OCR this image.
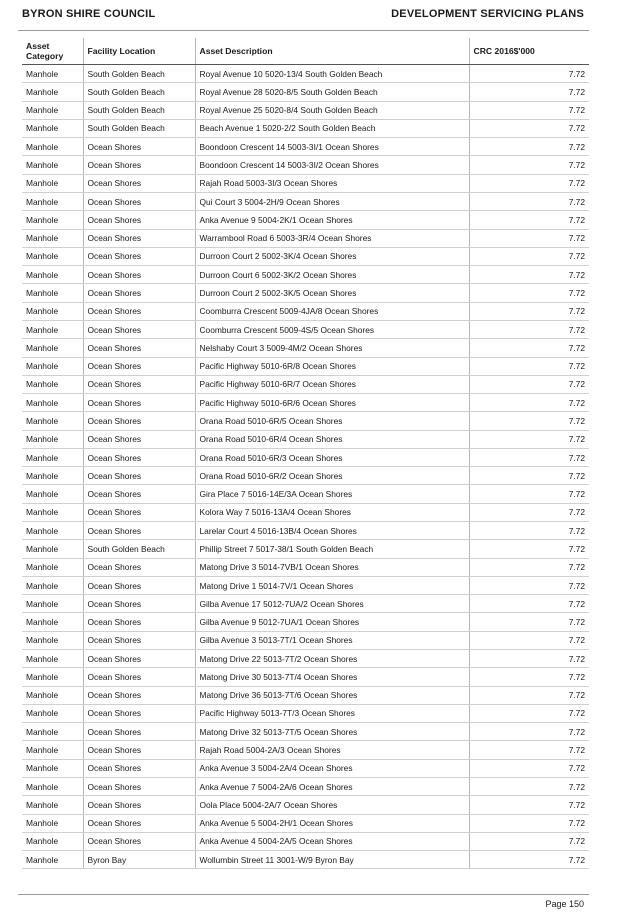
BYRON SHIRE COUNCIL	DEVELOPMENT SERVICING PLANS
Asset Category	Facility Location	Asset Description	CRC 2016$'000
Manhole	South Golden Beach	Royal Avenue 10 5020-13/4 South Golden Beach	7.72
Manhole	South Golden Beach	Royal Avenue 28 5020-8/5 South Golden Beach	7.72
Manhole	South Golden Beach	Royal Avenue 25 5020-8/4 South Golden Beach	7.72
Manhole	South Golden Beach	Beach Avenue 1 5020-2/2 South Golden Beach	7.72
Manhole	Ocean Shores	Boondoon Crescent 14 5003-3I/1 Ocean Shores	7.72
Manhole	Ocean Shores	Boondoon Crescent 14 5003-3I/2 Ocean Shores	7.72
Manhole	Ocean Shores	Rajah Road 5003-3I/3 Ocean Shores	7.72
Manhole	Ocean Shores	Qui Court 3 5004-2H/9 Ocean Shores	7.72
Manhole	Ocean Shores	Anka Avenue 9 5004-2K/1 Ocean Shores	7.72
Manhole	Ocean Shores	Warrambool Road 6 5003-3R/4 Ocean Shores	7.72
Manhole	Ocean Shores	Durroon Court 2 5002-3K/4 Ocean Shores	7.72
Manhole	Ocean Shores	Durroon Court 6 5002-3K/2 Ocean Shores	7.72
Manhole	Ocean Shores	Durroon Court 2 5002-3K/5 Ocean Shores	7.72
Manhole	Ocean Shores	Coomburra Crescent 5009-4JA/8 Ocean Shores	7.72
Manhole	Ocean Shores	Coomburra Crescent 5009-4S/5 Ocean Shores	7.72
Manhole	Ocean Shores	Nelshaby Court 3 5009-4M/2 Ocean Shores	7.72
Manhole	Ocean Shores	Pacific Highway 5010-6R/8 Ocean Shores	7.72
Manhole	Ocean Shores	Pacific Highway 5010-6R/7 Ocean Shores	7.72
Manhole	Ocean Shores	Pacific Highway 5010-6R/6 Ocean Shores	7.72
Manhole	Ocean Shores	Orana Road 5010-6R/5 Ocean Shores	7.72
Manhole	Ocean Shores	Orana Road 5010-6R/4 Ocean Shores	7.72
Manhole	Ocean Shores	Orana Road 5010-6R/3 Ocean Shores	7.72
Manhole	Ocean Shores	Orana Road 5010-6R/2 Ocean Shores	7.72
Manhole	Ocean Shores	Gira Place 7 5016-14E/3A Ocean Shores	7.72
Manhole	Ocean Shores	Kolora Way 7 5016-13A/4 Ocean Shores	7.72
Manhole	Ocean Shores	Larelar Court 4 5016-13B/4 Ocean Shores	7.72
Manhole	South Golden Beach	Phillip Street 7 5017-38/1 South Golden Beach	7.72
Manhole	Ocean Shores	Matong Drive 3 5014-7VB/1 Ocean Shores	7.72
Manhole	Ocean Shores	Matong Drive 1 5014-7V/1 Ocean Shores	7.72
Manhole	Ocean Shores	Gilba Avenue 17 5012-7UA/2 Ocean Shores	7.72
Manhole	Ocean Shores	Gilba Avenue 9 5012-7UA/1 Ocean Shores	7.72
Manhole	Ocean Shores	Gilba Avenue 3 5013-7T/1 Ocean Shores	7.72
Manhole	Ocean Shores	Matong Drive 22 5013-7T/2 Ocean Shores	7.72
Manhole	Ocean Shores	Matong Drive 30 5013-7T/4 Ocean Shores	7.72
Manhole	Ocean Shores	Matong Drive 36 5013-7T/6 Ocean Shores	7.72
Manhole	Ocean Shores	Pacific Highway 5013-7T/3 Ocean Shores	7.72
Manhole	Ocean Shores	Matong Drive 32 5013-7T/5 Ocean Shores	7.72
Manhole	Ocean Shores	Rajah Road 5004-2A/3 Ocean Shores	7.72
Manhole	Ocean Shores	Anka Avenue 3 5004-2A/4 Ocean Shores	7.72
Manhole	Ocean Shores	Anka Avenue 7 5004-2A/6 Ocean Shores	7.72
Manhole	Ocean Shores	Oola Place 5004-2A/7 Ocean Shores	7.72
Manhole	Ocean Shores	Anka Avenue 5 5004-2H/1 Ocean Shores	7.72
Manhole	Ocean Shores	Anka Avenue 4 5004-2A/5 Ocean Shores	7.72
Manhole	Byron Bay	Wollumbin Street 11 3001-W/9 Byron Bay	7.72
Page 150
